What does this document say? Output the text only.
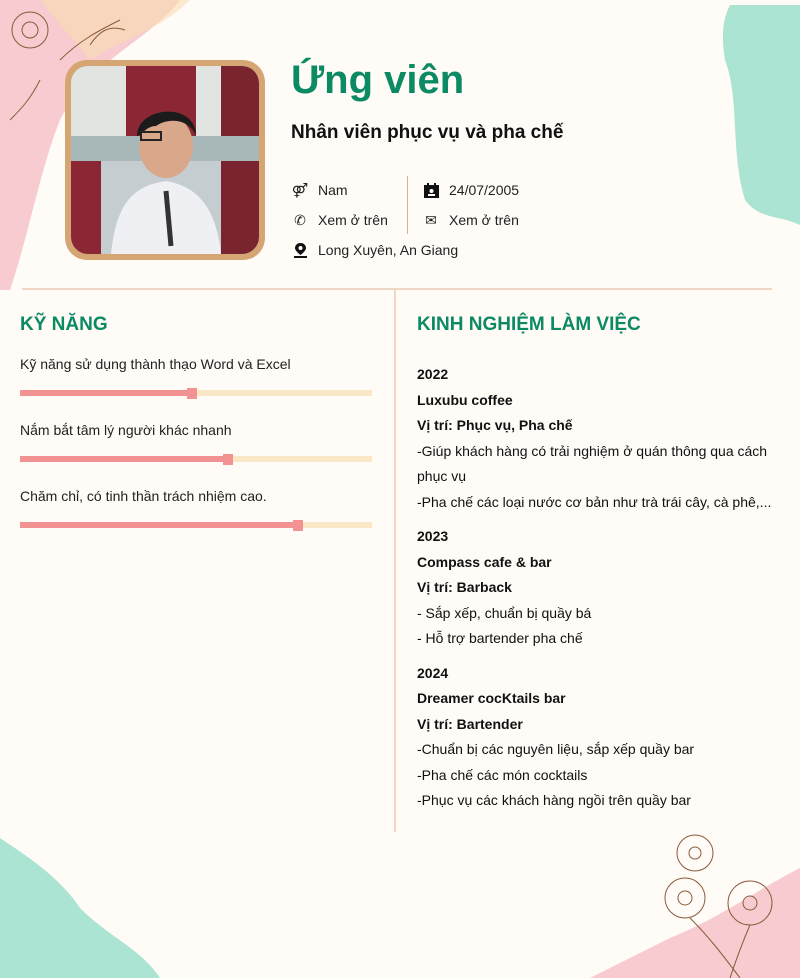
Ứng viên
Nhân viên phục vụ và pha chế
⚤ Nam
✆ Xem ở trên
Long Xuyên, An Giang
24/07/2005
✉ Xem ở trên
KỸ NĂNG
Kỹ năng sử dụng thành thạo Word và Excel
Nắm bắt tâm lý người khác nhanh
Chăm chỉ, có tinh thần trách nhiệm cao.
KINH NGHIỆM LÀM VIỆC
2022
Luxubu coffee
Vị trí: Phục vụ, Pha chế
-Giúp khách hàng có trải nghiệm ở quán thông qua cách phục vụ
-Pha chế các loại nước cơ bản như trà trái cây, cà phê,...
2023
Compass cafe & bar
Vị trí: Barback
- Sắp xếp, chuẩn bị quầy bá
- Hỗ trợ bartender pha chế
2024
Dreamer cocKtails bar
Vị trí: Bartender
-Chuẩn bị các nguyên liệu, sắp xếp quầy bar
-Pha chế các món cocktails
-Phục vụ các khách hàng ngồi trên quầy bar
